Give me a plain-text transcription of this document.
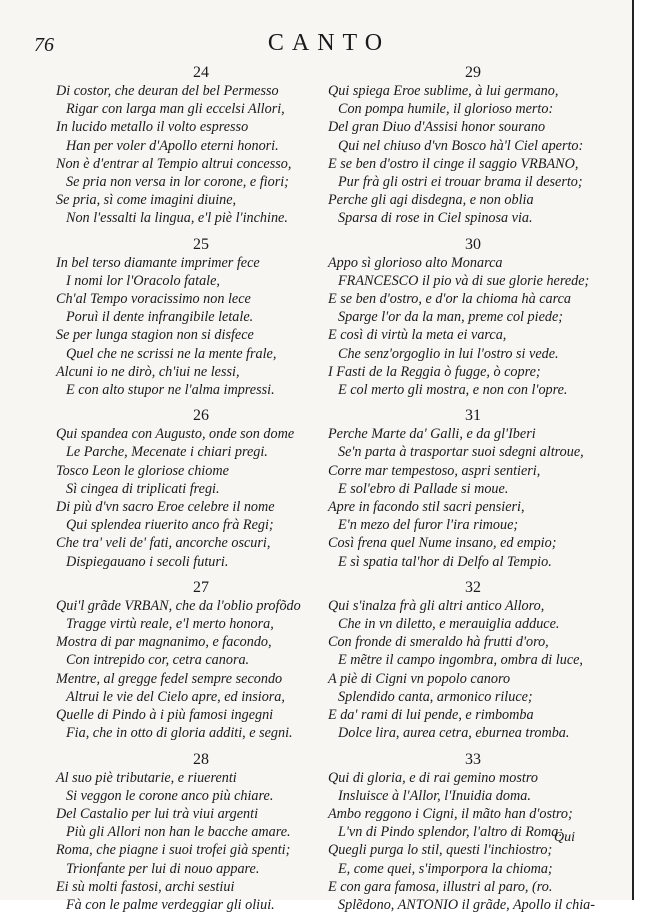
76	CANTO
24
Di costor, che deuran del bel Permesso
Rigar con larga man gli eccelsi Allori,
In lucido metallo il volto espresso
Han per voler d'Apollo eterni honori.
Non è d'entrar al Tempio altrui concesso,
Se pria non versa in lor corone, e fiori;
Se pria, sì come imagini diuine,
Non l'essalti la lingua, e'l piè l'inchine.
25
In bel terso diamante imprimer fece
I nomi lor l'Oracolo fatale,
Ch'al Tempo voracissimo non lece
Poruì il dente infrangibile letale.
Se per lunga stagion non si disfece
Quel che ne scrissi ne la mente frale,
Alcuni io ne dirò, ch'iui ne lessi,
E con alto stupor ne l'alma impressi.
26
Qui spandea con Augusto, onde son dome
Le Parche, Mecenate i chiari pregi.
Tosco Leon le gloriose chiome
Sì cingea di triplicati fregi.
Di più d'vn sacro Eroe celebre il nome
Qui splendea riuerito anco frà Regi;
Che tra' veli de' fati, ancorche oscuri,
Dispiegauano i secoli futuri.
27
Qui'l grãde VRBAN, che da l'oblio profõdo
Tragge virtù reale, e'l merto honora,
Mostra di par magnanimo, e facondo,
Con intrepido cor, cetra canora.
Mentre, al gregge fedel sempre secondo
Altrui le vie del Cielo apre, ed insiora,
Quelle di Pindo à i più famosi ingegni
Fia, che in otto di gloria additi, e segni.
28
Al suo piè tributarie, e riuerenti
Si veggon le corone anco più chiare.
Del Castalio per lui trà viui argenti
Più gli Allori non han le bacche amare.
Roma, che piagne i suoi trofei già spenti;
Trionfante per lui di nouo appare.
Ei sù molti fastosi, archi sestiui
Fà con le palme verdeggiar gli oliui.
29
Qui spiega Eroe sublime, à lui germano,
Con pompa humile, il glorioso merto:
Del gran Diuo d'Assisi honor sourano
Qui nel chiuso d'vn Bosco hà'l Ciel aperto:
E se ben d'ostro il cinge il saggio VRBANO,
Pur frà gli ostri ei trouar brama il deserto;
Perche gli agi disdegna, e non oblia
Sparsa di rose in Ciel spinosa via.
30
Appo sì glorioso alto Monarca
FRANCESCO il pio và di sue glorie herede;
E se ben d'ostro, e d'or la chioma hà carca
Sparge l'or da la man, preme col piede;
E così di virtù la meta ei varca,
Che senz'orgoglio in lui l'ostro si vede.
I Fasti de la Reggia ò fugge, ò copre;
E col merto gli mostra, e non con l'opre.
31
Perche Marte da' Galli, e da gl'Iberi
Se'n parta à trasportar suoi sdegni altroue,
Corre mar tempestoso, aspri sentieri,
E sol'ebro di Pallade si moue.
Apre in facondo stil sacri pensieri,
E'n mezo del furor l'ira rimoue;
Così frena quel Nume insano, ed empio;
E sì spatia tal'hor di Delfo al Tempio.
32
Qui s'inalza frà gli altri antico Alloro,
Che in vn diletto, e merauiglia adduce.
Con fronde di smeraldo hà frutti d'oro,
E mẽtre il campo ingombra, ombra di luce,
A piè di Cigni vn popolo canoro
Splendido canta, armonico riluce;
E da' rami di lui pende, e rimbomba
Dolce lira, aurea cetra, eburnea tromba.
33
Qui di gloria, e di rai gemino mostro
Insluisce à l'Allor, l'Inuidia doma.
Ambo reggono i Cigni, il mãto han d'ostro;
L'vn di Pindo splendor, l'altro di Roma:
Quegli purga lo stil, questi l'inchiostro;
E, come quei, s'imporpora la chioma;
E con gara famosa, illustri al paro, (ro.
Splẽdono, ANTONIO il grãde, Apollo il chia-
Qui
